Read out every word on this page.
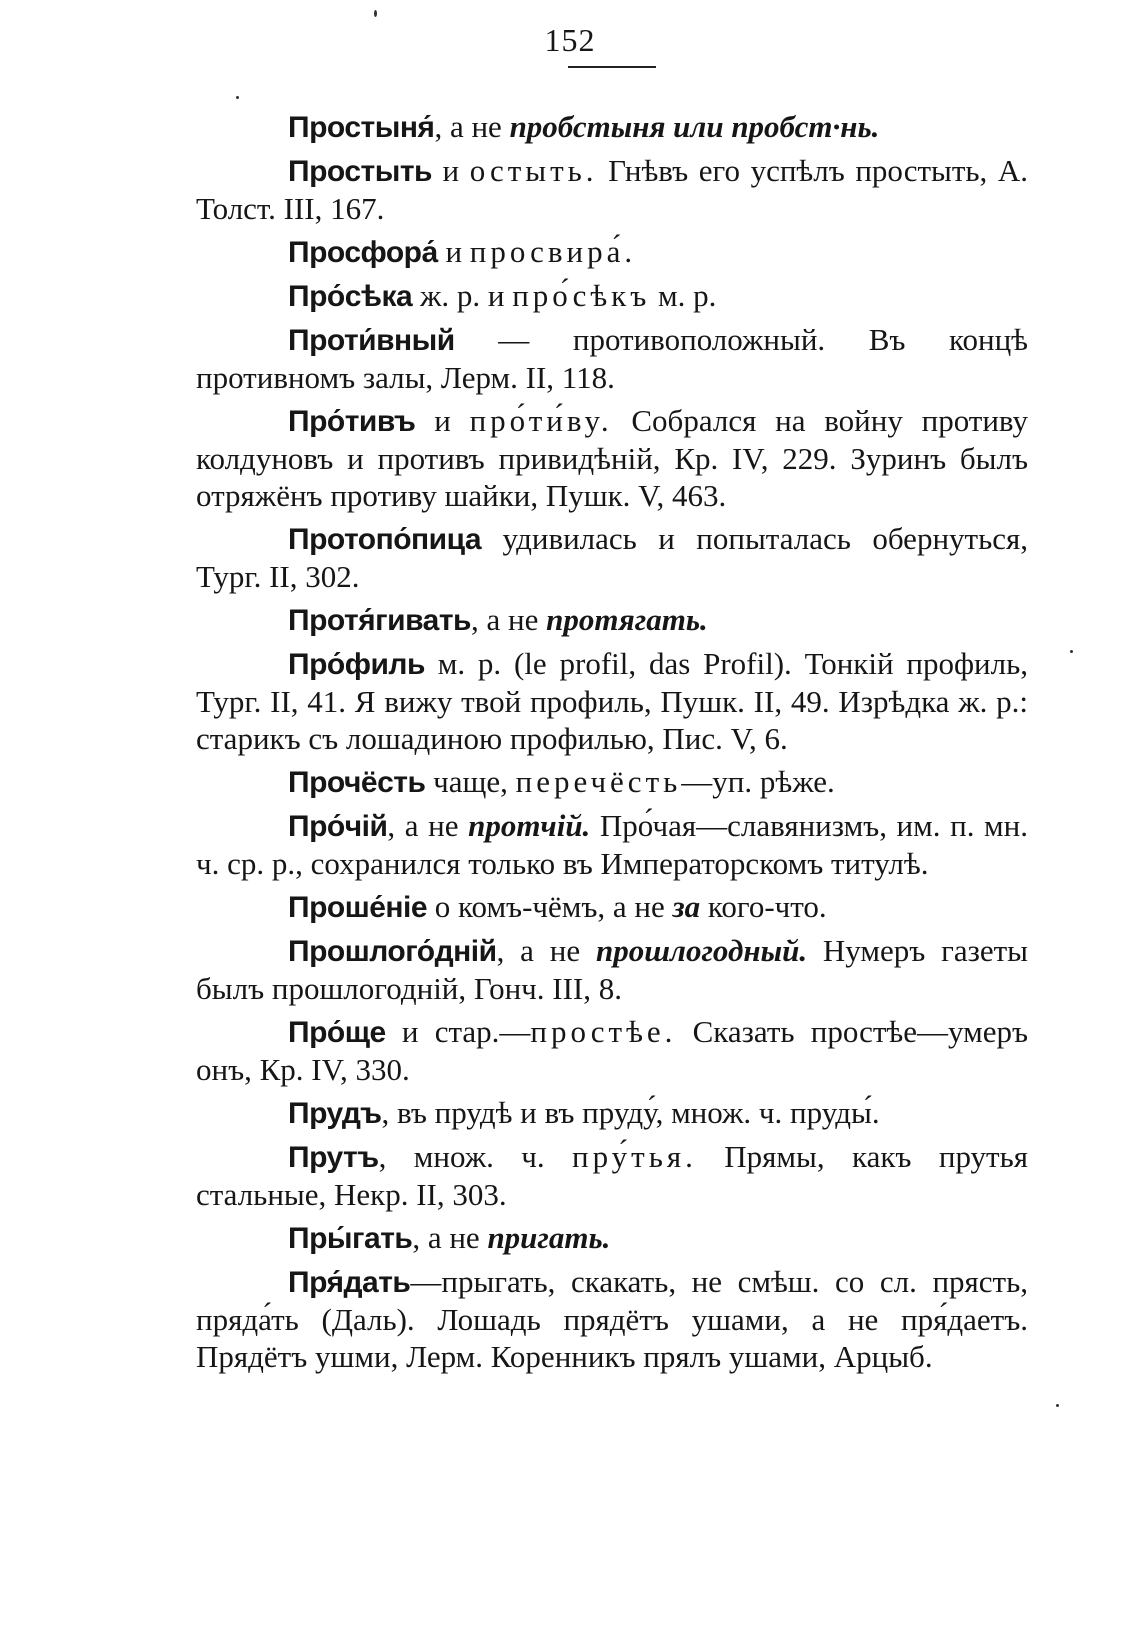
152

Простыня́, а не пробстыня или пробст·нь.

Простыть и остыть. Гнѣвъ его успѣлъ простыть, А. Толст. III, 167.

Просфора́ и просвира́.

Про́сѣка ж. р. и про́сѣкъ м. р.

Проти́вный — противоположный. Въ концѣ противномъ залы, Лерм. II, 118.

Про́тивъ и про́ти́ву. Собрался на войну противу колдуновъ и противъ привидѣній, Кр. IV, 229. Зуринъ былъ отряжёнъ противу шайки, Пушк. V, 463.

Протопо́пица удивилась и попыталась обернуться, Тург. II, 302.

Протя́гивать, а не протягать.

Про́филь м. р. (le profil, das Profil). Тонкій профиль, Тург. II, 41. Я вижу твой профиль, Пушк. II, 49. Изрѣдка ж. р.: старикъ съ лошадиною профилью, Пис. V, 6.

Прочёсть чаще, перечёсть—уп. рѣже.

Про́чій, а не протчій. Про́чая—славянизмъ, им. п. мн. ч. ср. р., сохранился только въ Императорскомъ титулѣ.

Проше́ніе о комъ-чёмъ, а не за кого-что.

Прошлого́дній, а не прошлогодный. Нумеръ газеты былъ прошлогодній, Гонч. III, 8.

Про́ще и стар.—простѣе. Сказать простѣе—умеръ онъ, Кр. IV, 330.

Прудъ, въ прудѣ и въ пруду́, множ. ч. пруды́.

Прутъ, множ. ч. пру́тья. Прямы, какъ прутья стальные, Некр. II, 303.

Пры́гать, а не пригать.

Пря́дать—прыгать, скакать, не смѣш. со сл. прясть, пряда́ть (Даль). Лошадь прядётъ ушами, а не пря́даетъ. Прядётъ ушми, Лерм. Коренникъ прялъ ушами, Арцыб.
